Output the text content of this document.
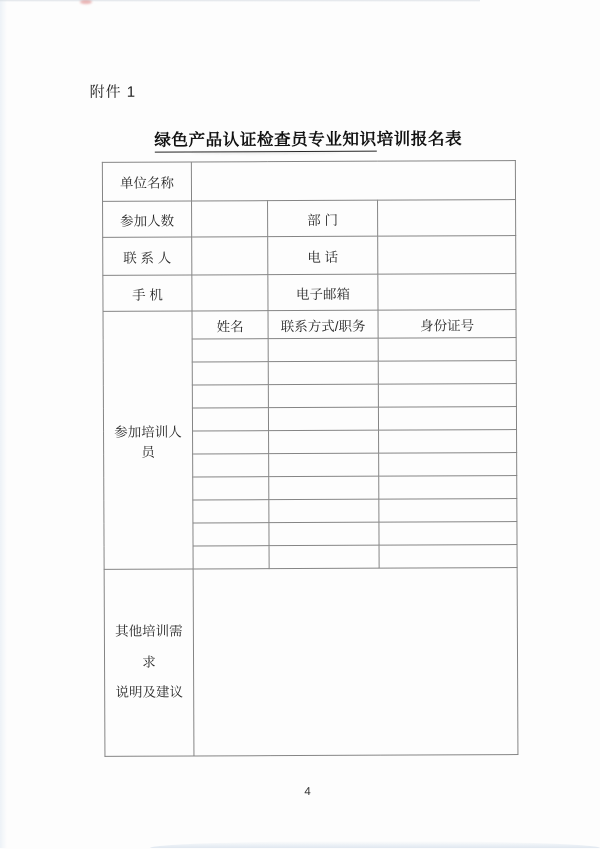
附件 1
绿色产品认证检查员专业知识培训报名表
单位名称			
参加人数		部 门	
联 系 人		电 话	
手 机		电子邮箱	
参加培训人员	姓名	联系方式/职务	身份证号

其他培训需求
说明及建议			

4
